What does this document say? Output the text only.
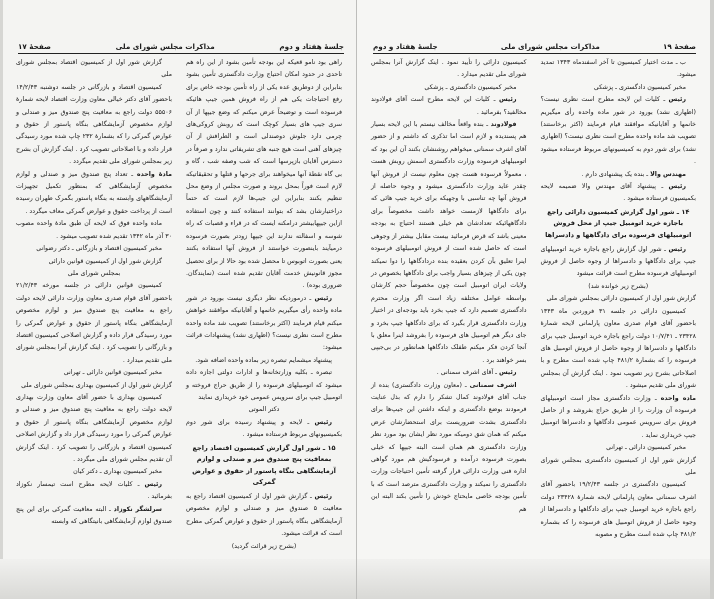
جلسهٔ هفتاد و دوم
مذاکرات مجلس شورای ملی
صفحهٔ ۱۷

راهی بود نامو قعیکه این بودجه تأمین بشود از این راه هم تاحدی در حدود امکان احتیاج وزارت دادگستری تأمین بشود بنابراین از دوطریق عده یکی از راه تأمین بودجه خاص برای رفع احتیاجات یکی هم از راه فروش همین جیپ هائیکه فرسوده است و توضیحاً عرض میکنم که وضع جیپها از آن سری جیپ های بسیار کوچک است که روبش کروکی‌های چرمی دارد جلوش دوصندلی است و الطرافش از آن چیزهای آهنی است هیچ جنبه های تشریفاتی ندارد و صرفاً در دسترس آقایان بازپرسها است که شب وصفه شب ، گاه و بی گاه نقطهٔ آنها میخواهند برای جرحها و قتلها و تحقیقاتیکه لازم است فوراً بمحل بروند و صورت مجلس از وضع محل تنظیم بکنند بنابراین این جیپ‌ها لازم است که حتماً دراختیارشان بشد که بتوانند استفاده کنند و چون استفاده ازاین جیپهابیشتر درامکنه ایست که در قراء و قصبات که راه شوسه و اسفالته ندارند این جیپها زودتر بصورت فرسوده درمیآیند باینصورت خواستند از فروش آنها استفاده بکنند یعنی بصورت اتوبوس تا محصل شده بود حالا از برای تحصیل مجوز قانونیش خدمت آقایان تقدیم شده است (نمایندگان. ضروری بوده) .

رئیس ـ درموردیکه نظر دیگری نیست بورود در شور ماده واحده رأی میگیریم خانمها و آقایانیکه موافقند خواهش میکنم قیام فرمایند (اکثر برخاستند) تصویب شد ماده واحده مطرح است نظری نیست؟ (اظهاری نشد) پیشنهادات قرائت میشود:

پیشنهاد میشمایم تبصره زیر بماده واحده اضافه شود.

تبصره ـ بکلیه وزارتخانه‌ها و ادارات دولتی اجازه داده میشود که اتومبیلهای فرسوده را از طریق حراج فروخته و اتومبیل جیپ برای سرویس عمومی خود خریداری نمایند

دکتر الموتی

رئیس ـ لایحه و پیشنهاد رسیده برای شور دوم بکمیسیونهای مربوط فرستاده میشود .

۱۵ ـ شور اول گزارش کمیسیون اقتصاد راجع بمعافیت پنج صندوق میز و صندلی و لوازم آزمایشگاهی بنگاه پاستور از حقوق و عوارض گمرکی

رئیس ـ گزارش شور اول از کمیسیون اقتصاد راجع به معافیت ۵ صندوق میز و صندلی و لوازم مخصوص آزمایشگاهی بنگاه پاستور از حقوق و عوارض گمرکی مطرح است که قرائت میشود.

(بشرح زیر قرائت گردید)

گزارش شور اول از کمیسیون اقتصاد بمجلس شورای ملی

کمیسیون اقتصاد و بازرگانی در جلسه دوشنبه ۱۴/۲/۴۳ باحضور آقای دکتر خیالی معاون وزارت اقتصاد لایحه شمارهٔ ۵۵۵۰۶ دولت راجع به معافیت پنج صندوق میز و صندلی و لوازم مخصوص آزمایشگاهی بنگاه پاستور از حقوق و عوارض گمرکی را که بشمارهٔ ۲۳۲ چاپ شده مورد رسیدگی قرار داده و با اصلاحاتی تصویب کرد . اینک گزارش آن بشرح زیر بمجلس شورای ملی تقدیم میگردد .

مادهٔ واحده ـ تعداد پنج صندوق میز و صندلی و لوازم مخصوص آزمایشگاهی که بمنظور تکمیل تجهیزات آزمایشگاههای وابسته به بنگاه پاستور بگمرک طهران رسیده است از پرداخت حقوق و عوارض گمرکی معاف میگردد .

ماده واحده فوق که لایحه آن طبق مادهٔ واحده مصوب ۳۰ آذر ماه ۱۳۴۲ تقدیم شده تصویب میشود .

مخبر کمیسیون اقتصاد و بازرگانی ـ دکتر رضوانی

گزارش شور اول از کمیسیون قوانین دارائی

بمجلس شورای ملی

کمیسیون قوانین دارائی در جلسه مورخه ۲۱/۲/۴۳ باحضور آقای قوام صدری معاون وزارت دارائی لایحه دولت راجع به معافیت پنج صندوق میز و لوازم مخصوص آزمایشگاهی بنگاه پاستور از حقوق و عوارض گمرکی را مورد رسیدگی قرار داده و گزارش اصلاحی کمیسیون اقتصاد و بازرگانی را تصویب کرد . اینک گزارش آنرا بمجلس شورای ملی تقدیم میدارد .

مخبر کمیسیون قوانین دارائی ـ تهرانی

گزارش شور اول از کمیسیون بهداری بمجلس شورای ملی

کمیسیون بهداری با حضور آقای معاون وزارت بهداری لایحه دولت راجع به معافیت پنج صندوق میز و صندلی و لوازم مخصوص آزمایشگاهی بنگاه پاستور از حقوق و عوارض گمرکی را مورد رسیدگی قرار داد و گزارش اصلاحی کمیسیون اقتصاد و بازرگانی را تصویب کرد . اینک گزارش آن تقدیم مجلس شورای ملی میگردد .

مخبر کمیسیون بهداری ـ دکتر کیان

رئیس ـ کلیات لایحه مطرح است تیمسار نکوزاد بفرمائید .

سرلشگر نکوزاد ـ البته معافیت گمرکی برای این پنج صندوق لوازم آزمایشگاهی بانیتگاهی که وابسته

صفحهٔ ۱۹
مذاکرات مجلس شورای ملی
جلسهٔ هفتاد و دوم

ب ـ مدت اختیار کمیسیون تا آخر اسفندماه ۱۳۴۳ تمدید میشود.

مخبر کمیسیون دادگستری ـ پزشکی

رئیس ـ کلیات این لایحه مطرح است نظری نیست؟ (اظهاری نشد) بورود در شور ماده واحده رأی میگیریم خانمها و آقایانیکه موافقند قیام فرمایند (اکثر برخاستند) تصویب شد ماده واحده مطرح است نظری نیست؟ (اظهاری نشد) برای شور دوم به کمیسیونهای مربوط فرستاده میشود .

مهندس والا ـ بنده یک پیشنهادی دارم .

رئیس ـ پیشنهاد آقای مهندس والا ضمیمه لایحه بکمیسیون فرستاده میشود .

۱۴ ـ شور اول گزارش کمیسیون دارائی راجع باجازه خرید اتومبیل جیپ از محل فروش اتومبیلهای فرسوده برای دادگاهها و دادسراها

رئیس ـ شور اول گزارش راجع باجازه خرید اتومبیلهای جیپ برای دادگاهها و دادسراها از وجوه حاصل از فروش اتومبیلهای فرسوده مطرح است قرائت میشود

(بشرح زیر خوانده شد)

گزارش شور اول از کمیسیون دارائی بمجلس شورای ملی

کمیسیون دارائی در جلسه ۳۱ فروردین ماه ۱۳۴۳ باحضور آقای قوام صدری معاون پارلمانی لایحه شمارهٔ ۲۳۴۲۸ ـ ۱۰/۷/۴۱ دولت راجع باجازه خرید اتومبیل جیپ برای دادگاهها و دادسراها از وجوه حاصل از فروش اتومبیل های فرسوده را که بشمارهٔ ۴۸۱/۲ چاپ شده است مطرح و با اصلاحاتی بشرح زیر تصویب نمود . اینک گزارش آن بمجلس شورای ملی تقدیم میشود .

ماده واحده ـ وزارت دادگستری مجاز است اتومبیلهای فرسوده آن وزارت را از طریق حراج بفروشد و از حاصل فروش برای سرویس عمومی دادگاهها و دادسراها اتومبیل جیپ خریداری نماید .

مخبر کمیسیون دارائی ـ تهرانی

گزارش شور اول از کمیسیون دادگستری بمجلس شورای ملی

کمیسیون دادگستری در جلسه ۱۹/۲/۴۳ باحضور آقای اشرف سمنانی معاون پارلمانی لایحه شمارهٔ ۲۳۴۲۸ دولت راجع باجازه خرید اتومبیل جیپ برای دادگاهها و دادسراها از وجوه حاصل از فروش اتومبیل های فرسوده را که بشماره ۴۸۱/۲ چاپ شده است مطرح و مصوبه

کمیسیون دارائی را تأیید نمود . اینک گزارش آنرا بمجلس شورای ملی تقدیم میدارد .

مخبر کمیسیون دادگستری ـ پزشکی

رئیس ـ کلیات این لایحه مطرح است آقای فولادوند مخالفید؟ بفرمائید .

فولادوند ـ بنده واقعاً مخالف نیستم با این لایحه بسیار هم پسندیده و لازم است اما تذکری که داشتم و از حضور آقای اشرف سمنانی میخواهم روشنشان بکنند آن این بود که اتومبیلهای فرسوده وزارت دادگستری اسمش روبش هست ، معمولاً فرسوده هست چون معلوم نیست از فروش آنها چقدر عاید وزارت دادگستری میشود و وجوه حاصله از فروش آنها چه تناسبی با وجهیکه برای خرید جیپ هائی که برای دادگاهها لازمست خواهد داشت مخصوصاً برای دادگاههائیکه تعدادشان هم خیلی هستند احتیاج به بودجه معینی باشد که قرض فرمائید بیست مقابل بیشتر از وجوهی است که حاصل شده است از فروش اتومبیلهای فرسوده اینرا تعلیق بآن کردن بعقیده بنده دردادگاهها را دوا نمیکند چون یکی از چیزهای بسیار واجب برای دادگاهها بخصوص در ولایات ایران اتومبیل است چون مخصوصاً حجم کارشان بواسطه عوامل مختلفه زیاد است اگر وزارت محترم دادگستری تصمیم دارد که جیپ بخرد باید بودجه‌ای در اختیار وزارت دادگستری قرار بگیرد که برای دادگاهها جیپ بخرد و جای دیگر هم اتومبیل های فرسوده را بفروشد اینرا معلق با آنجا کردن فکر میکنم طفلک دادگاهها همانطور در بی‌جیپی بسر خواهند برد .

رئیس ـ آقای اشرف سمنانی .

اشرف سمنانی ـ (معاون وزارت دادگستری) بنده از جناب آقای فولادوند کمال تشکر را دارم که بذل عنایت فرمودند بوضع دادگستری و اینکه داشتن این جیپ‌ها برای دادگستری بشدت ضروریست برای استحضارشان عرض میکنم که همان شق دومیکه مورد نظر ایشان بود مورد نظر وزارت دادگستری هم همان است البته جیپها که خیلی بصورت فرسوده درآمده و فرسودگیش هم مورد گواهی اداره فنی وزارت دارائی قرار گرفته تأمین احتیاجات وزارت دادگستری را نمیکند و وزارت دادگستری مترصد است که با تأمین بودجه خاصی مایحتاج خودش را تأمین بکند البته این هم
